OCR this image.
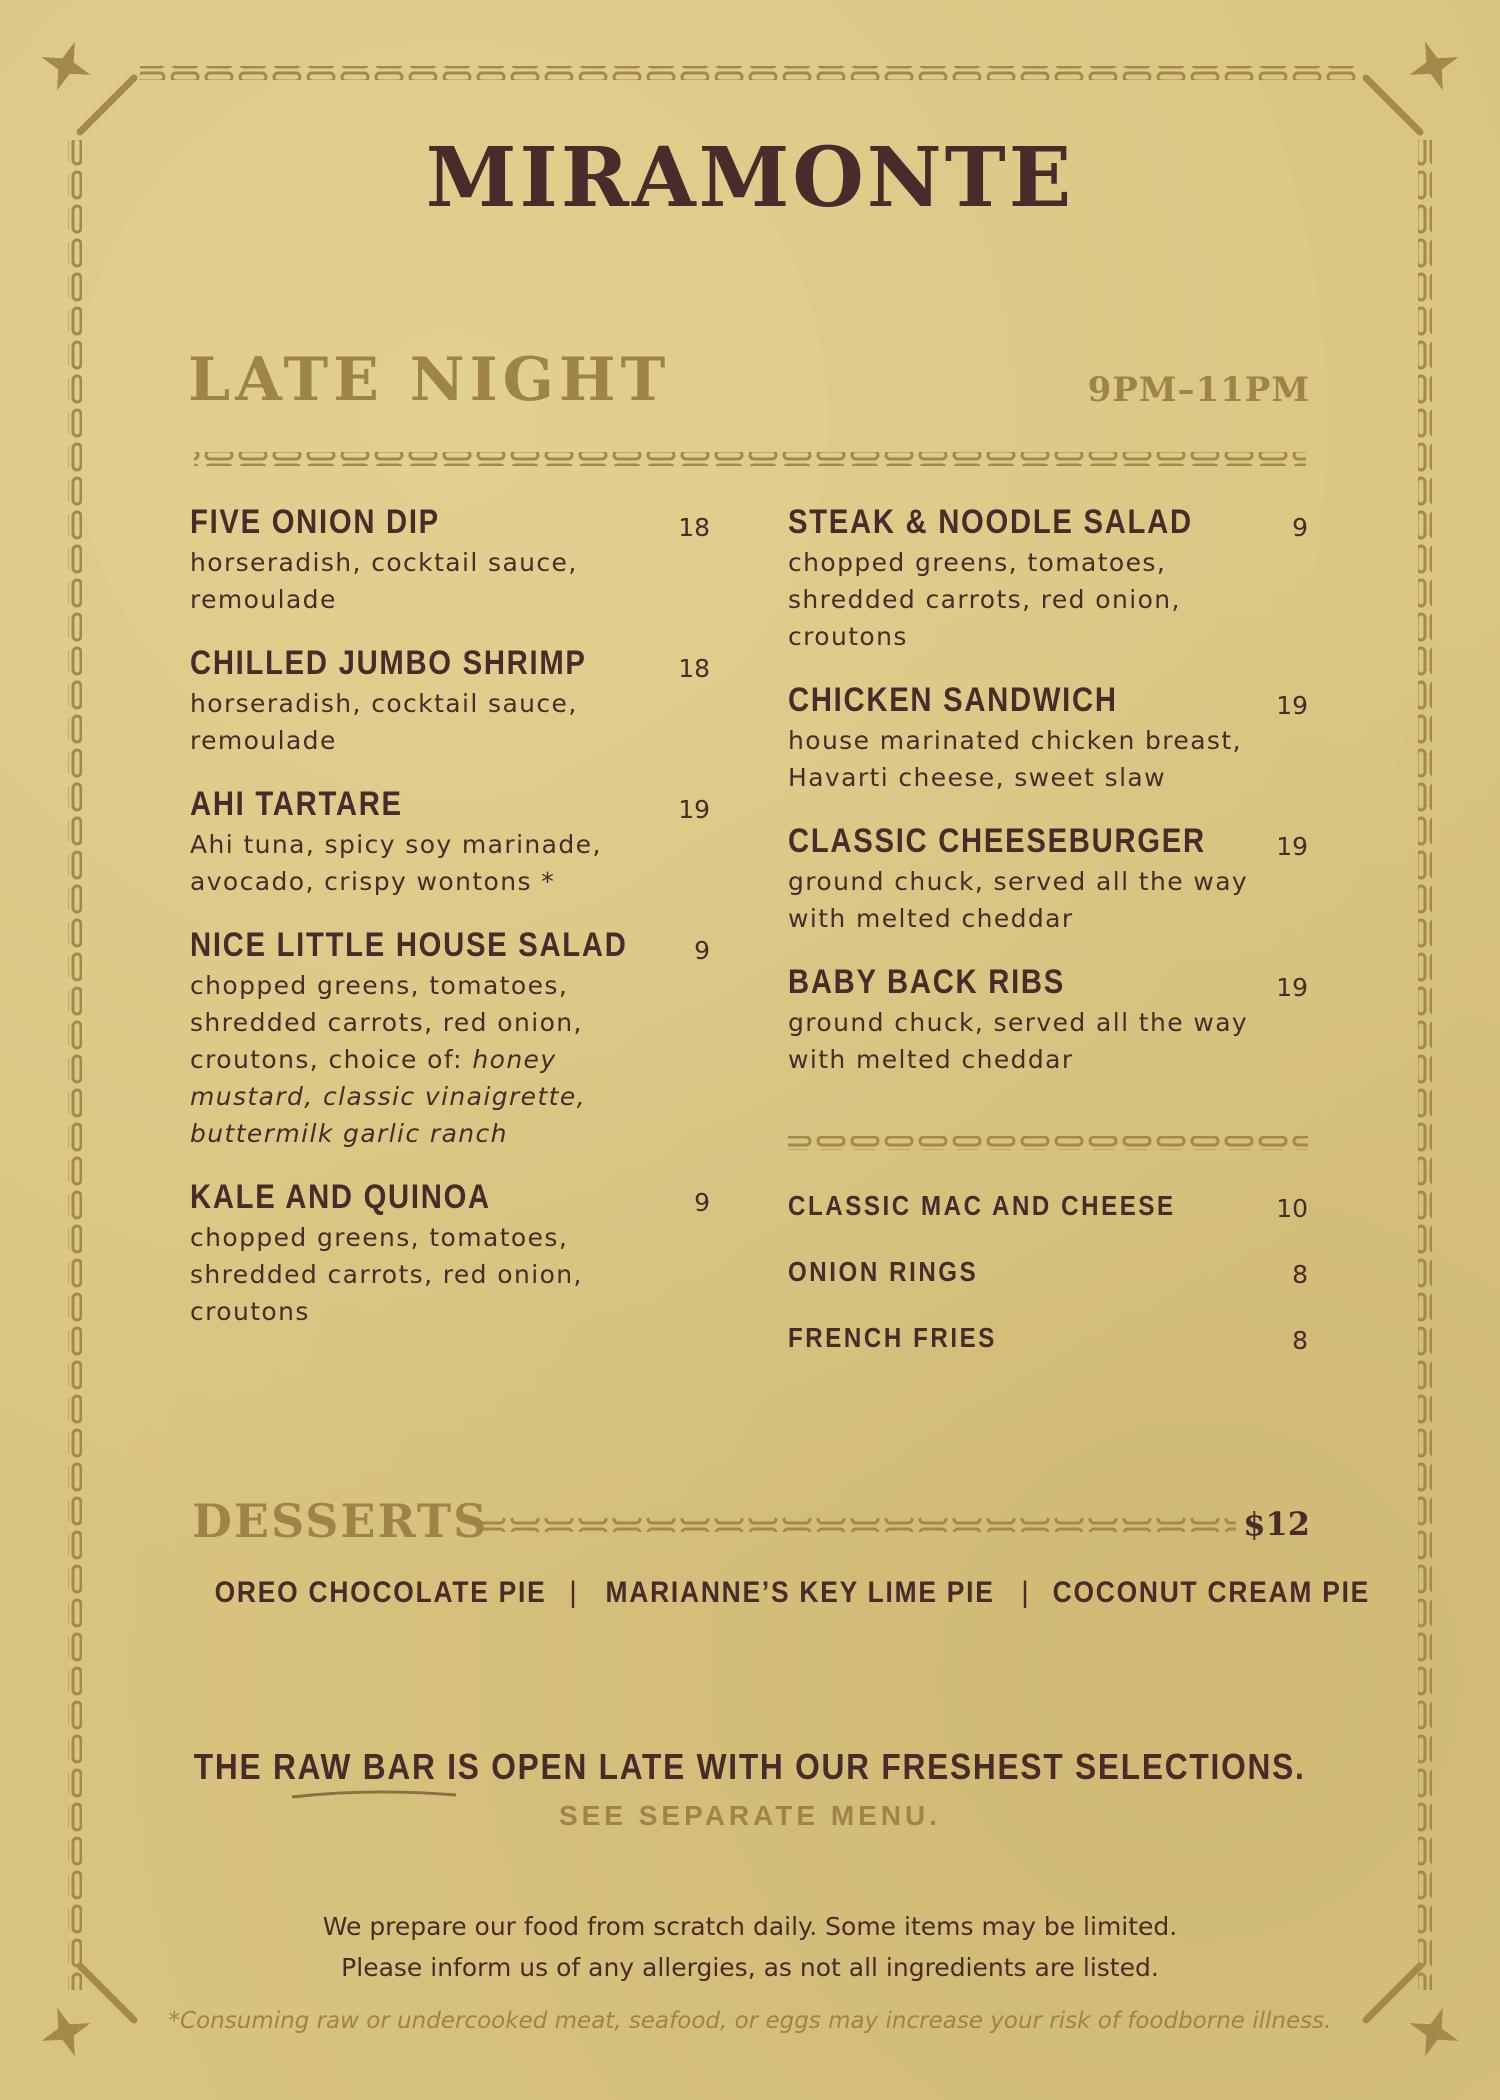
MIRAMONTE
LATE NIGHT	9PM–11PM
FIVE ONION DIP	18
horseradish, cocktail sauce, remoulade
CHILLED JUMBO SHRIMP	18
horseradish, cocktail sauce, remoulade
AHI TARTARE	19
Ahi tuna, spicy soy marinade, avocado, crispy wontons *
NICE LITTLE HOUSE SALAD	9
chopped greens, tomatoes, shredded carrots, red onion, croutons, choice of: honey mustard, classic vinaigrette, buttermilk garlic ranch
KALE AND QUINOA	9
chopped greens, tomatoes, shredded carrots, red onion, croutons
STEAK & NOODLE SALAD	9
chopped greens, tomatoes, shredded carrots, red onion, croutons
CHICKEN SANDWICH	19
house marinated chicken breast, Havarti cheese, sweet slaw
CLASSIC CHEESEBURGER	19
ground chuck, served all the way with melted cheddar
BABY BACK RIBS	19
ground chuck, served all the way with melted cheddar
CLASSIC MAC AND CHEESE	10
ONION RINGS	8
FRENCH FRIES	8
DESSERTS	$12
OREO CHOCOLATE PIE | MARIANNE’S KEY LIME PIE | COCONUT CREAM PIE
THE RAW BAR IS OPEN LATE WITH OUR FRESHEST SELECTIONS.
SEE SEPARATE MENU.
We prepare our food from scratch daily. Some items may be limited.
Please inform us of any allergies, as not all ingredients are listed.
*Consuming raw or undercooked meat, seafood, or eggs may increase your risk of foodborne illness.
